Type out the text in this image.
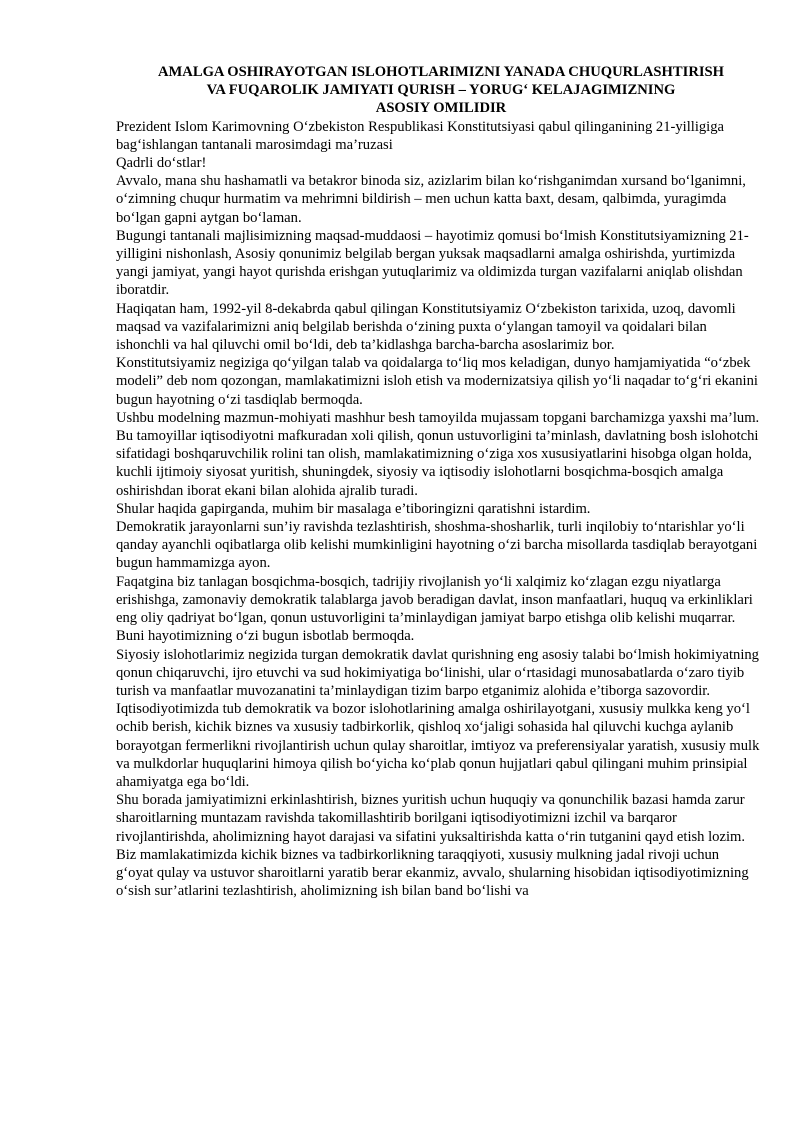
AMALGA OSHIRAYOTGAN ISLOHOTLARIMIZNI YANADA CHUQURLASHTIRISH
VA FUQAROLIK JAMIYATI QURISH – YORUG‘ KELAJAGIMIZNING
ASOSIY OMILIDIR

Prezident Islom Karimovning O‘zbekiston Respublikasi Konstitutsiyasi qabul qilinganining 21-yilligiga bag‘ishlangan tantanali marosimdagi ma’ruzasi

Qadrli do‘stlar!

Avvalo, mana shu hashamatli va betakror binoda siz, azizlarim bilan ko‘rishganimdan xursand bo‘lganimni, o‘zimning chuqur hurmatim va mehrimni bildirish – men uchun katta baxt, desam, qalbimda, yuragimda bo‘lgan gapni aytgan bo‘laman.

Bugungi tantanali majlisimizning maqsad-muddaosi – hayotimiz qomusi bo‘lmish Konstitutsiyamizning 21-yilligini nishonlash, Asosiy qonunimiz belgilab bergan yuksak maqsadlarni amalga oshirishda, yurtimizda yangi jamiyat, yangi hayot qurishda erishgan yutuqlarimiz va oldimizda turgan vazifalarni aniqlab olishdan iboratdir.

Haqiqatan ham, 1992-yil 8-dekabrda qabul qilingan Konstitutsiyamiz O‘zbekiston tarixida, uzoq, davomli maqsad va vazifalarimizni aniq belgilab berishda o‘zining puxta o‘ylangan tamoyil va qoidalari bilan ishonchli va hal qiluvchi omil bo‘ldi, deb ta’kidlashga barcha-barcha asoslarimiz bor.

Konstitutsiyamiz negiziga qo‘yilgan talab va qoidalarga to‘liq mos keladigan, dunyo hamjamiyatida “o‘zbek modeli” deb nom qozongan, mamlakatimizni isloh etish va modernizatsiya qilish yo‘li naqadar to‘g‘ri ekanini bugun hayotning o‘zi tasdiqlab bermoqda.

Ushbu modelning mazmun-mohiyati mashhur besh tamoyilda mujassam topgani barchamizga yaxshi ma’lum. Bu tamoyillar iqtisodiyotni mafkuradan xoli qilish, qonun ustuvorligini ta’minlash, davlatning bosh islohotchi sifatidagi boshqaruvchilik rolini tan olish, mamlakatimizning o‘ziga xos xususiyatlarini hisobga olgan holda, kuchli ijtimoiy siyosat yuritish, shuningdek, siyosiy va iqtisodiy islohotlarni bosqichma-bosqich amalga oshirishdan iborat ekani bilan alohida ajralib turadi.

Shular haqida gapirganda, muhim bir masalaga e’tiboringizni qaratishni istardim.

Demokratik jarayonlarni sun’iy ravishda tezlashtirish, shoshma-shosharlik, turli inqilobiy to‘ntarishlar yo‘li qanday ayanchli oqibatlarga olib kelishi mumkinligini hayotning o‘zi barcha misollarda tasdiqlab berayotgani bugun hammamizga ayon.

Faqatgina biz tanlagan bosqichma-bosqich, tadrijiy rivojlanish yo‘li xalqimiz ko‘zlagan ezgu niyatlarga erishishga, zamonaviy demokratik talablarga javob beradigan davlat, inson manfaatlari, huquq va erkinliklari eng oliy qadriyat bo‘lgan, qonun ustuvorligini ta’minlaydigan jamiyat barpo etishga olib kelishi muqarrar. Buni hayotimizning o‘zi bugun isbotlab bermoqda.

Siyosiy islohotlarimiz negizida turgan demokratik davlat qurishning eng asosiy talabi bo‘lmish hokimiyatning qonun chiqaruvchi, ijro etuvchi va sud hokimiyatiga bo‘linishi, ular o‘rtasidagi munosabatlarda o‘zaro tiyib turish va manfaatlar muvozanatini ta’minlaydigan tizim barpo etganimiz alohida e’tiborga sazovordir.

Iqtisodiyotimizda tub demokratik va bozor islohotlarining amalga oshirilayotgani, xususiy mulkka keng yo‘l ochib berish, kichik biznes va xususiy tadbirkorlik, qishloq xo‘jaligi sohasida hal qiluvchi kuchga aylanib borayotgan fermerlikni rivojlantirish uchun qulay sharoitlar, imtiyoz va preferensiyalar yaratish, xususiy mulk va mulkdorlar huquqlarini himoya qilish bo‘yicha ko‘plab qonun hujjatlari qabul qilingani muhim prinsipial ahamiyatga ega bo‘ldi.

Shu borada jamiyatimizni erkinlashtirish, biznes yuritish uchun huquqiy va qonunchilik bazasi hamda zarur sharoitlarning muntazam ravishda takomillashtirib borilgani iqtisodiyotimizni izchil va barqaror rivojlantirishda, aholimizning hayot darajasi va sifatini yuksaltirishda katta o‘rin tutganini qayd etish lozim.

Biz mamlakatimizda kichik biznes va tadbirkorlikning taraqqiyoti, xususiy mulkning jadal rivoji uchun g‘oyat qulay va ustuvor sharoitlarni yaratib berar ekanmiz, avvalo, shularning hisobidan iqtisodiyotimizning o‘sish sur’atlarini tezlashtirish, aholimizning ish bilan band bo‘lishi va
